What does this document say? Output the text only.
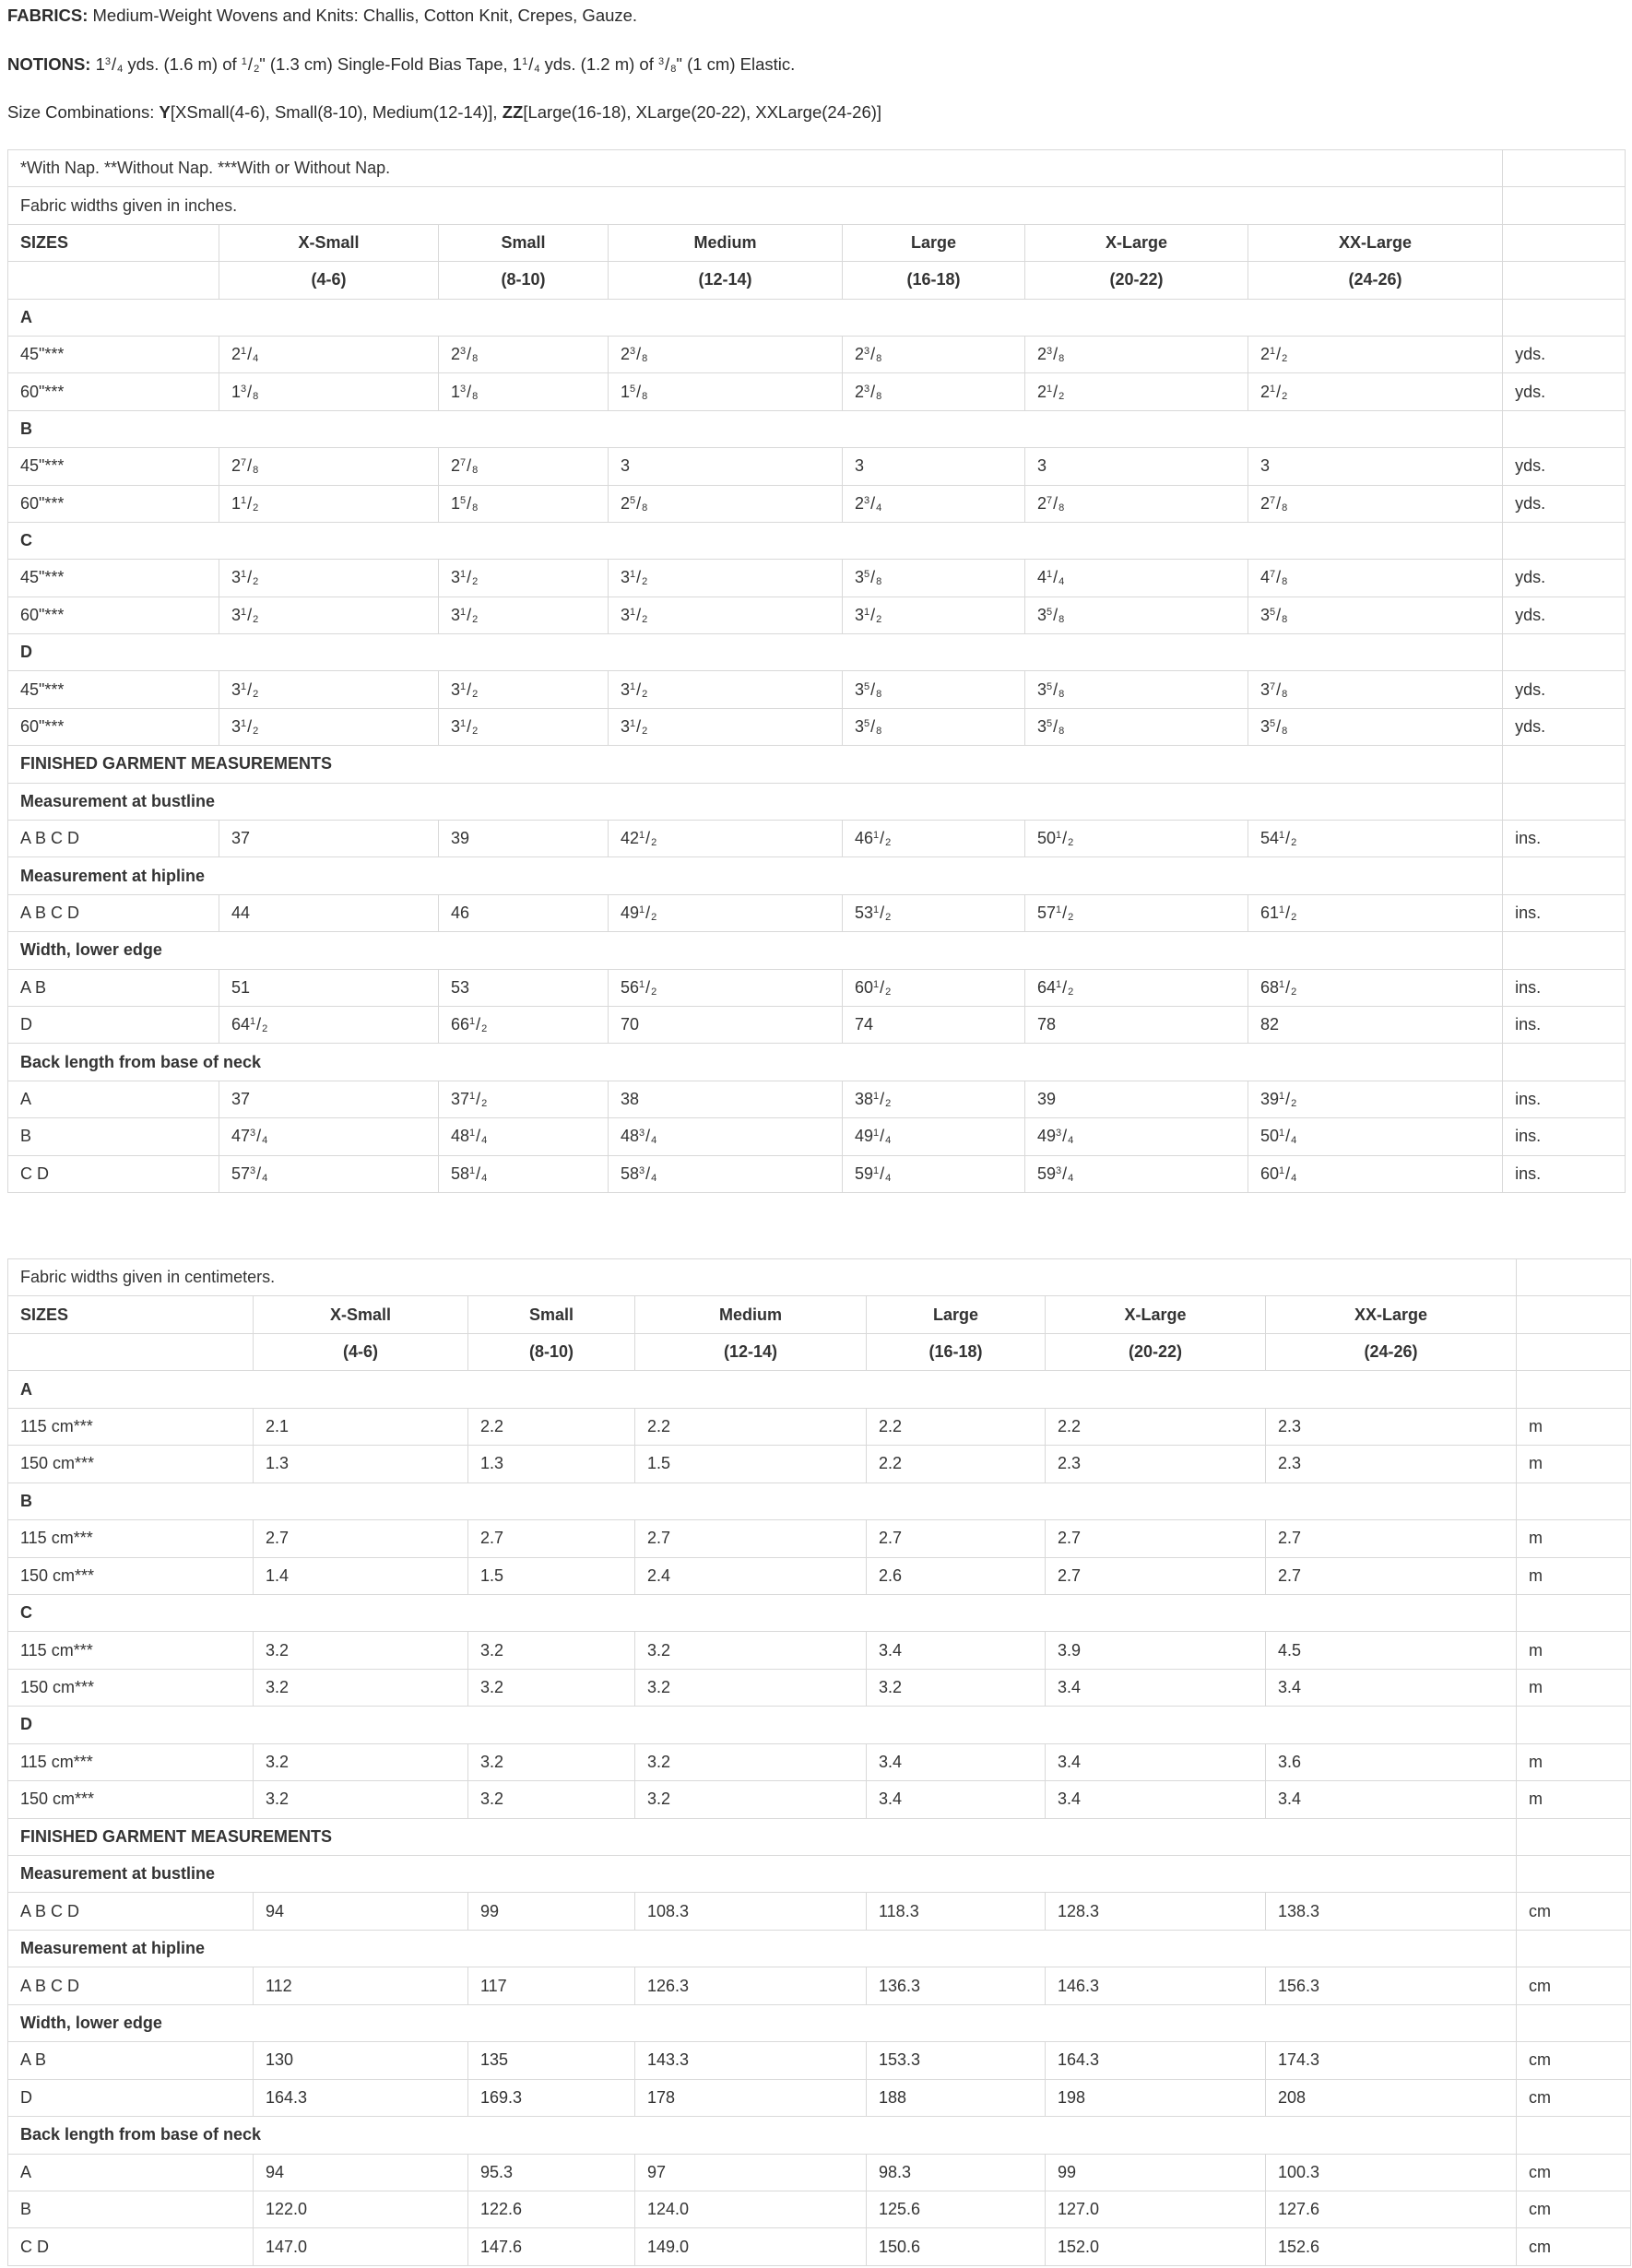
FABRICS: Medium-Weight Wovens and Knits: Challis, Cotton Knit, Crepes, Gauze.

NOTIONS: $1^3/_4$ yds. (1.6 m) of $^1/_2$" (1.3 cm) Single-Fold Bias Tape, $1^1/_4$ yds. (1.2 m) of $^3/_8$" (1 cm) Elastic.

Size Combinations: Y[XSmall(4-6), Small(8-10), Medium(12-14)], ZZ[Large(16-18), XLarge(20-22), XXLarge(24-26)]

*With Nap. **Without Nap. ***With or Without Nap.							
Fabric widths given in inches.							
SIZES	X-Small	Small	Medium	Large	X-Large	XX-Large	
	(4-6)	(8-10)	(12-14)	(16-18)	(20-22)	(24-26)	
A							
45"***	$2^1/_4$	$2^3/_8$	$2^3/_8$	$2^3/_8$	$2^3/_8$	$2^1/_2$	yds.
60"***	$1^3/_8$	$1^3/_8$	$1^5/_8$	$2^3/_8$	$2^1/_2$	$2^1/_2$	yds.
B							
45"***	$2^7/_8$	$2^7/_8$	3	3	3	3	yds.
60"***	$1^1/_2$	$1^5/_8$	$2^5/_8$	$2^3/_4$	$2^7/_8$	$2^7/_8$	yds.
C							
45"***	$3^1/_2$	$3^1/_2$	$3^1/_2$	$3^5/_8$	$4^1/_4$	$4^7/_8$	yds.
60"***	$3^1/_2$	$3^1/_2$	$3^1/_2$	$3^1/_2$	$3^5/_8$	$3^5/_8$	yds.
D							
45"***	$3^1/_2$	$3^1/_2$	$3^1/_2$	$3^5/_8$	$3^5/_8$	$3^7/_8$	yds.
60"***	$3^1/_2$	$3^1/_2$	$3^1/_2$	$3^5/_8$	$3^5/_8$	$3^5/_8$	yds.
FINISHED GARMENT MEASUREMENTS							
Measurement at bustline							
A B C D	37	39	$42^1/_2$	$46^1/_2$	$50^1/_2$	$54^1/_2$	ins.
Measurement at hipline							
A B C D	44	46	$49^1/_2$	$53^1/_2$	$57^1/_2$	$61^1/_2$	ins.
Width, lower edge							
A B	51	53	$56^1/_2$	$60^1/_2$	$64^1/_2$	$68^1/_2$	ins.
D	$64^1/_2$	$66^1/_2$	70	74	78	82	ins.
Back length from base of neck							
A	37	$37^1/_2$	38	$38^1/_2$	39	$39^1/_2$	ins.
B	$47^3/_4$	$48^1/_4$	$48^3/_4$	$49^1/_4$	$49^3/_4$	$50^1/_4$	ins.
C D	$57^3/_4$	$58^1/_4$	$58^3/_4$	$59^1/_4$	$59^3/_4$	$60^1/_4$	ins.
Fabric widths given in centimeters.							
SIZES	X-Small	Small	Medium	Large	X-Large	XX-Large	
	(4-6)	(8-10)	(12-14)	(16-18)	(20-22)	(24-26)	
A							
115 cm***	2.1	2.2	2.2	2.2	2.2	2.3	m
150 cm***	1.3	1.3	1.5	2.2	2.3	2.3	m
B							
115 cm***	2.7	2.7	2.7	2.7	2.7	2.7	m
150 cm***	1.4	1.5	2.4	2.6	2.7	2.7	m
C							
115 cm***	3.2	3.2	3.2	3.4	3.9	4.5	m
150 cm***	3.2	3.2	3.2	3.2	3.4	3.4	m
D							
115 cm***	3.2	3.2	3.2	3.4	3.4	3.6	m
150 cm***	3.2	3.2	3.2	3.4	3.4	3.4	m
FINISHED GARMENT MEASUREMENTS							
Measurement at bustline							
A B C D	94	99	108.3	118.3	128.3	138.3	cm
Measurement at hipline							
A B C D	112	117	126.3	136.3	146.3	156.3	cm
Width, lower edge							
A B	130	135	143.3	153.3	164.3	174.3	cm
D	164.3	169.3	178	188	198	208	cm
Back length from base of neck							
A	94	95.3	97	98.3	99	100.3	cm
B	122.0	122.6	124.0	125.6	127.0	127.6	cm
C D	147.0	147.6	149.0	150.6	152.0	152.6	cm
